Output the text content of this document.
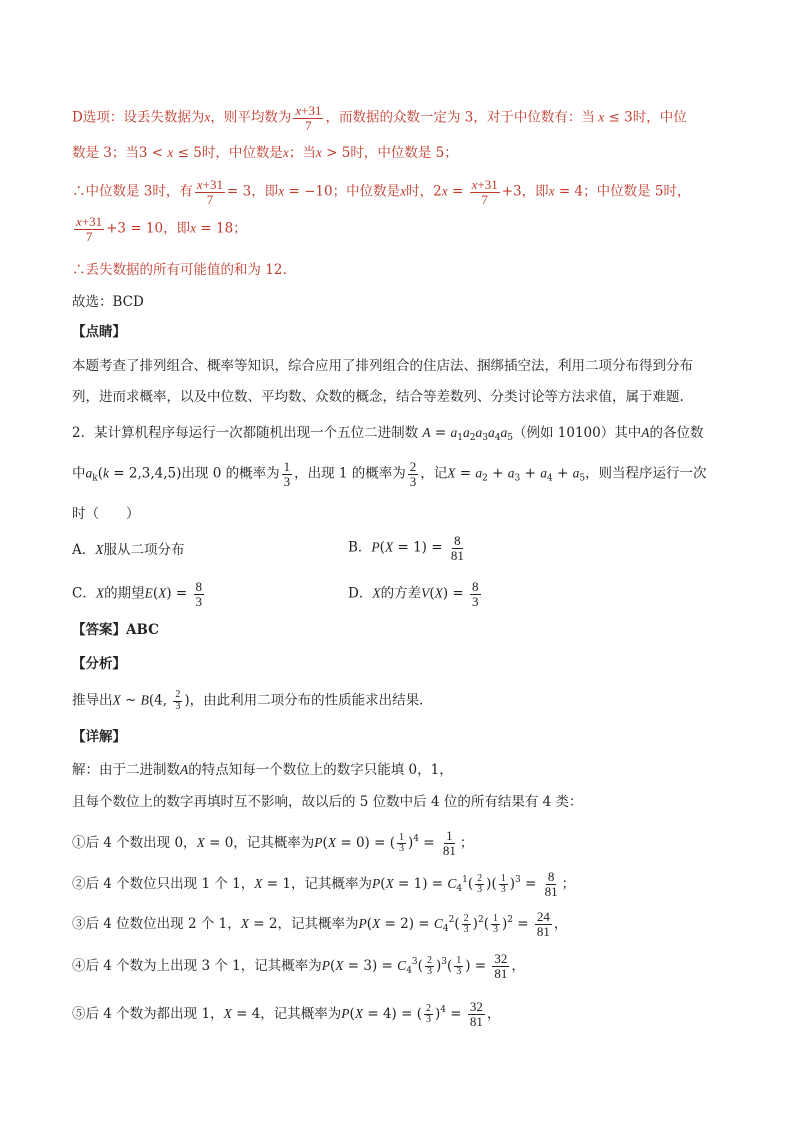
D选项：设丢失数据为x，则平均数为 $\frac{x+31}{7}$ ，而数据的众数一定为 3，对于中位数有：当 x ≤ 3时，中位
数是 3；当3 < x ≤ 5时，中位数是x；当x > 5时，中位数是 5；
∴中位数是 3时，有 $\frac{x+31}{7} = 3$，即x = −10；中位数是x时，$2x = \frac{x+31}{7} +3$，即x = 4；中位数是 5时，
$\frac{x+31}{7} +3 = 10$，即x = 18；
∴丢失数据的所有可能值的和为 12.
故选：BCD
【点睛】
本题考查了排列组合、概率等知识，综合应用了排列组合的住店法、捆绑插空法，利用二项分布得到分布
列，进而求概率，以及中位数、平均数、众数的概念，结合等差数列、分类讨论等方法求值，属于难题.
2．某计算机程序每运行一次都随机出现一个五位二进制数 $A = a_1a_2a_3a_4a_5$（例如 10100）其中A的各位数
中$a_k(k = 2,3,4,5)$出现 0 的概率为 $\frac{1}{3}$ ，出现 1 的概率为 $\frac{2}{3}$ ，记$X = a_2 + a_3 + a_4 + a_5$，则当程序运行一次
时（　　）
A．X服从二项分布	B．$P(X = 1) = \frac{8}{81}$
C．X的期望$E(X) = \frac{8}{3}$	D．X的方差$V(X) = \frac{8}{3}$
【答案】ABC
【分析】
推导出X ~ B(4, $\frac{2}{3}$ )，由此利用二项分布的性质能求出结果．
【详解】
解：由于二进制数A的特点知每一个数位上的数字只能填 0，1，
且每个数位上的数字再填时互不影响，故以后的 5 位数中后 4 位的所有结果有 4 类：
①后 4 个数出现 0，X = 0，记其概率为P(X = 0) = ( $\frac{1}{3} )^4 = \frac{1}{81}$ ；
②后 4 个数位只出现 1 个 1，X = 1，记其概率为$P(X = 1) = C_4^1( \frac{2}{3}$ )( $\frac{1}{3} )^3 = \frac{8}{81}$ ；
③后 4 位数位出现 2 个 1，X = 2，记其概率为$P(X = 2) = C_4^2( \frac{2}{3} )^2( \frac{1}{3} )^2 = \frac{24}{81}$ ，
④后 4 个数为上出现 3 个 1，记其概率为$P(X = 3) = C_4^3( \frac{2}{3} )^3( \frac{1}{3}$ ) = $\frac{32}{81}$ ，
⑤后 4 个数为都出现 1，X = 4，记其概率为P(X = 4) = ( $\frac{2}{3} )^4 = \frac{32}{81}$ ，
